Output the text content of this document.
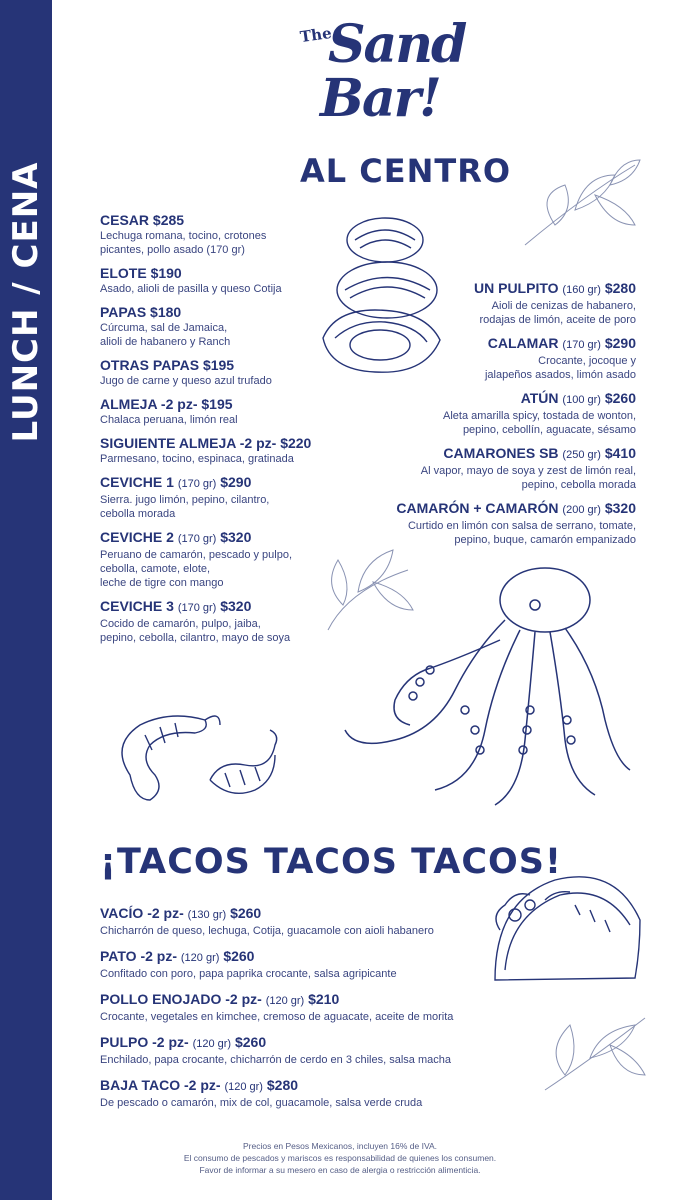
LUNCH / CENA
The
Sand
Bar!
AL CENTRO
¡TACOS TACOS TACOS!
CESAR $285
Lechuga romana, tocino, crotones
picantes, pollo asado (170 gr)
ELOTE $190
Asado, alioli de pasilla y queso Cotija
PAPAS $180
Cúrcuma, sal de Jamaica,
alioli de habanero y Ranch
OTRAS PAPAS $195
Jugo de carne y queso azul trufado
ALMEJA -2 pz- $195
Chalaca peruana, limón real
SIGUIENTE ALMEJA -2 pz- $220
Parmesano, tocino, espinaca, gratinada
CEVICHE 1 (170 gr) $290
Sierra. jugo limón, pepino, cilantro,
cebolla morada
CEVICHE 2 (170 gr) $320
Peruano de camarón, pescado y pulpo,
cebolla, camote, elote,
leche de tigre con mango
CEVICHE 3 (170 gr) $320
Cocido de camarón, pulpo, jaiba,
pepino, cebolla, cilantro, mayo de soya
UN PULPITO (160 gr) $280
Aioli de cenizas de habanero,
rodajas de limón, aceite de poro
CALAMAR (170 gr) $290
Crocante, jocoque y
jalapeños asados, limón asado
ATÚN (100 gr) $260
Aleta amarilla spicy, tostada de wonton,
pepino, cebollín, aguacate, sésamo
CAMARONES SB (250 gr) $410
Al vapor, mayo de soya y zest de limón real,
pepino, cebolla morada
CAMARÓN + CAMARÓN (200 gr) $320
Curtido en limón con salsa de serrano, tomate,
pepino, buque, camarón empanizado
VACÍO -2 pz- (130 gr) $260
Chicharrón de queso, lechuga, Cotija, guacamole con aioli habanero
PATO -2 pz- (120 gr) $260
Confitado con poro, papa paprika crocante, salsa agripicante
POLLO ENOJADO -2 pz- (120 gr) $210
Crocante, vegetales en kimchee, cremoso de aguacate, aceite de morita
PULPO -2 pz- (120 gr) $260
Enchilado, papa crocante, chicharrón de cerdo en 3 chiles, salsa macha
BAJA TACO -2 pz- (120 gr) $280
De pescado o camarón, mix de col, guacamole, salsa verde cruda
Precios en Pesos Mexicanos, incluyen 16% de IVA.
El consumo de pescados y mariscos es responsabilidad de quienes los consumen.
Favor de informar a su mesero en caso de alergia o restricción alimenticia.
